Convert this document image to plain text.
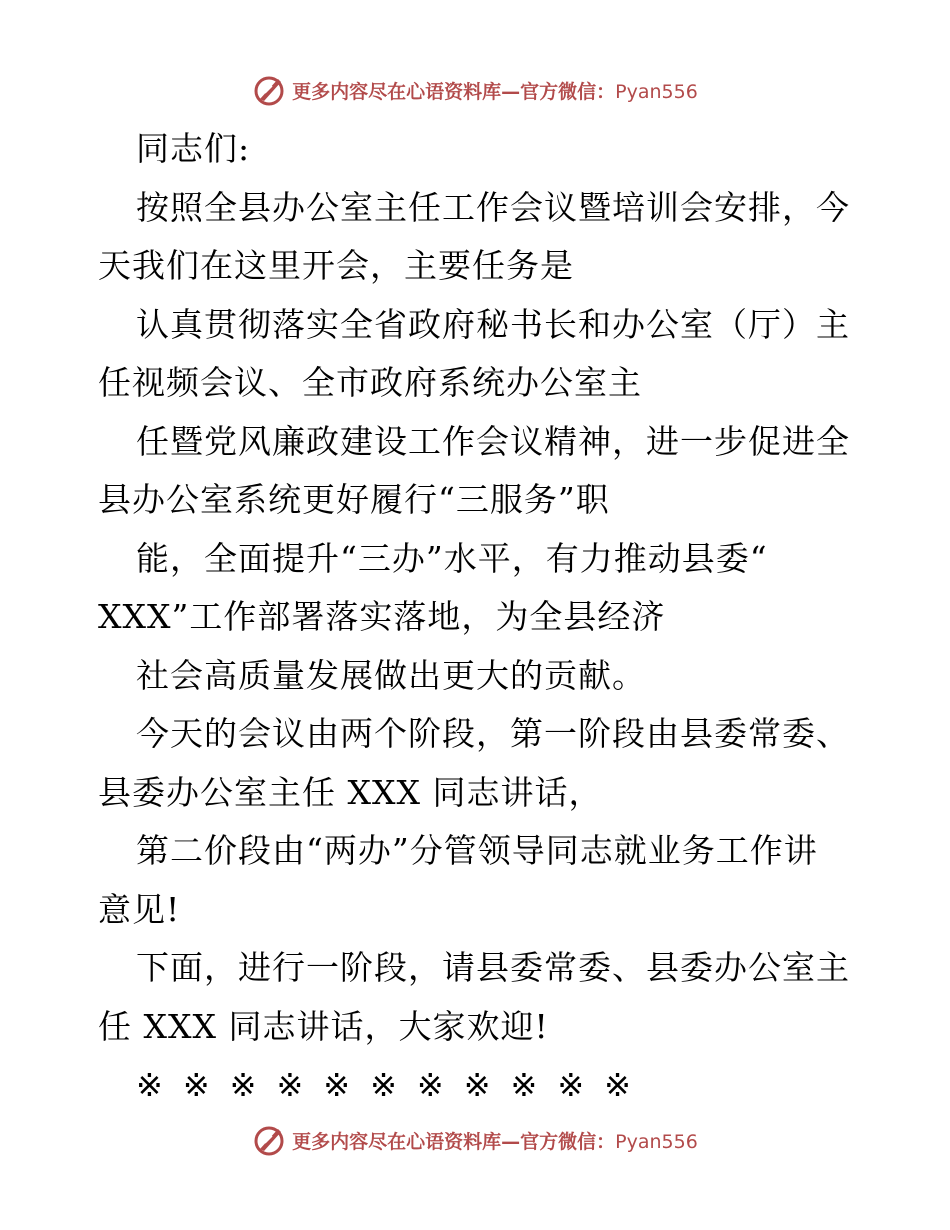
更多内容尽在心语资料库—官方微信：Pyan556
同志们:
按照全县办公室主任工作会议暨培训会安排，今
天我们在这里开会，主要任务是
认真贯彻落实全省政府秘书长和办公室（厅）主
任视频会议、全市政府系统办公室主
任暨党风廉政建设工作会议精神，进一步促进全
县办公室系统更好履行“三服务”职
能，全面提升“三办”水平，有力推动县委“
XXX”工作部署落实落地，为全县经济
社会高质量发展做出更大的贡献。
今天的会议由两个阶段，第一阶段由县委常委、
县委办公室主任 XXX 同志讲话，
第二价段由“两办”分管领导同志就业务工作讲
意见!
下面，进行一阶段，请县委常委、县委办公室主
任 XXX 同志讲话，大家欢迎!
※※※※※※※※※※※
更多内容尽在心语资料库—官方微信：Pyan556
